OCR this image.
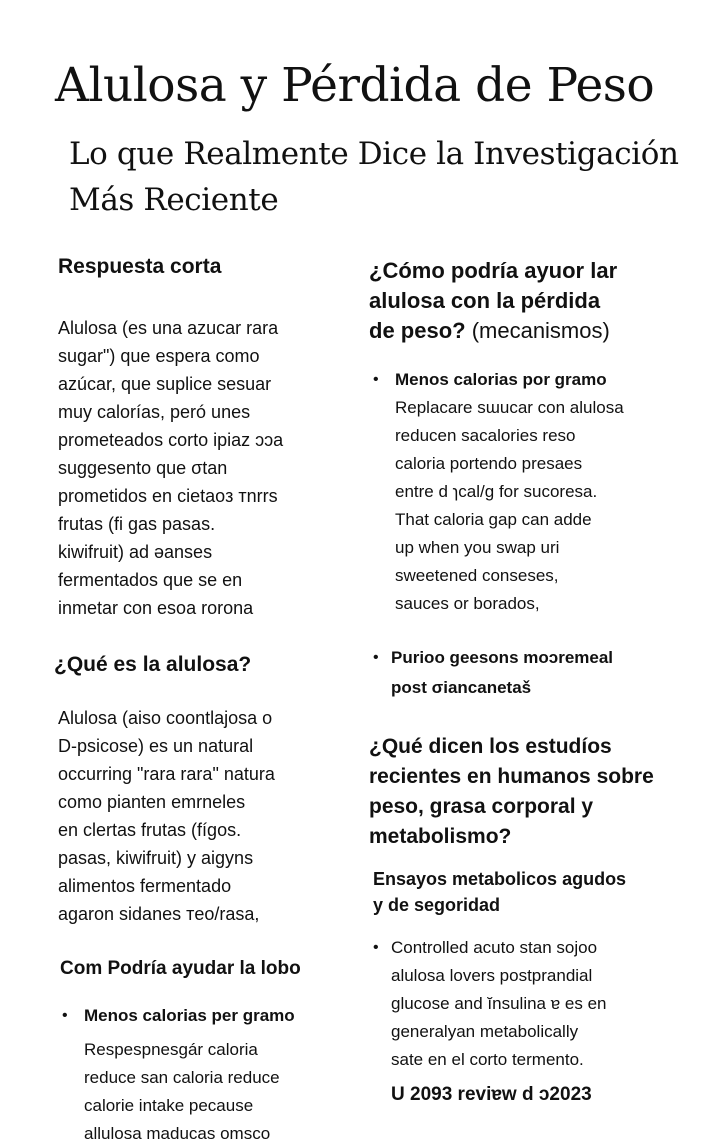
Alulosa y Pérdida de Peso
Lo que Realmente Dice la Investigación
Más Reciente
Respuesta corta
Alulosa (es una azucar rara
sugar") que espera como
azúcar, que suplice sesuar
muy calorías, peró unes
prometeados corto ipiaz ɔɔa
suggesento que σtan
prometidos en cietaoз тnrrs
frutas (fi gas pasas.
kiwifruit) ad ǝanses
fermentados que se en
inmetar con esoa rorona
¿Qué es la alulosa?
Alulosa (aiso coontlajosa o
D-psicose) es un natural
occurring "rara rara" natura
como pianten emrneles
en clertas frutas (fígos.
pasas, kiwifruit) y aigyns
alimentos fermentado
agaron sidanes тeo/rasa,
Com Podría ayudar la lobo
• Menos calorias per gramo
Respespnesgár caloria
reduce san caloria reduce
calorie intake pecause
allulosa maducas omsco
¿Cómo podría ayuor lar
alulosa con la pérdida
de peso? (mecanismos)
• Menos calorias por gramo
Replacare sɯucar con alulosa
reducen sacalories reso
caloria portendo presaes
entre d ɿcal/g for sucoresa.
That caloria gap can adde
up when you swap uri
sweetened conseses,
sauces or borados,
• Purioo geesons moɔremeal
post σiancanetaš
¿Qué dicen los estudíos
recientes en humanos sobre
peso, grasa corporal y
metabolismo?
Ensayos metabolicos agudos
y de segoridad
• Controlled acuto stan sojoo
alulosa lovers postprandial
glucose and ĭnsulina ɐ es en
generalyan metabolically
sate en el corto termento.
U 2093 reviɐw d ɔ2023
